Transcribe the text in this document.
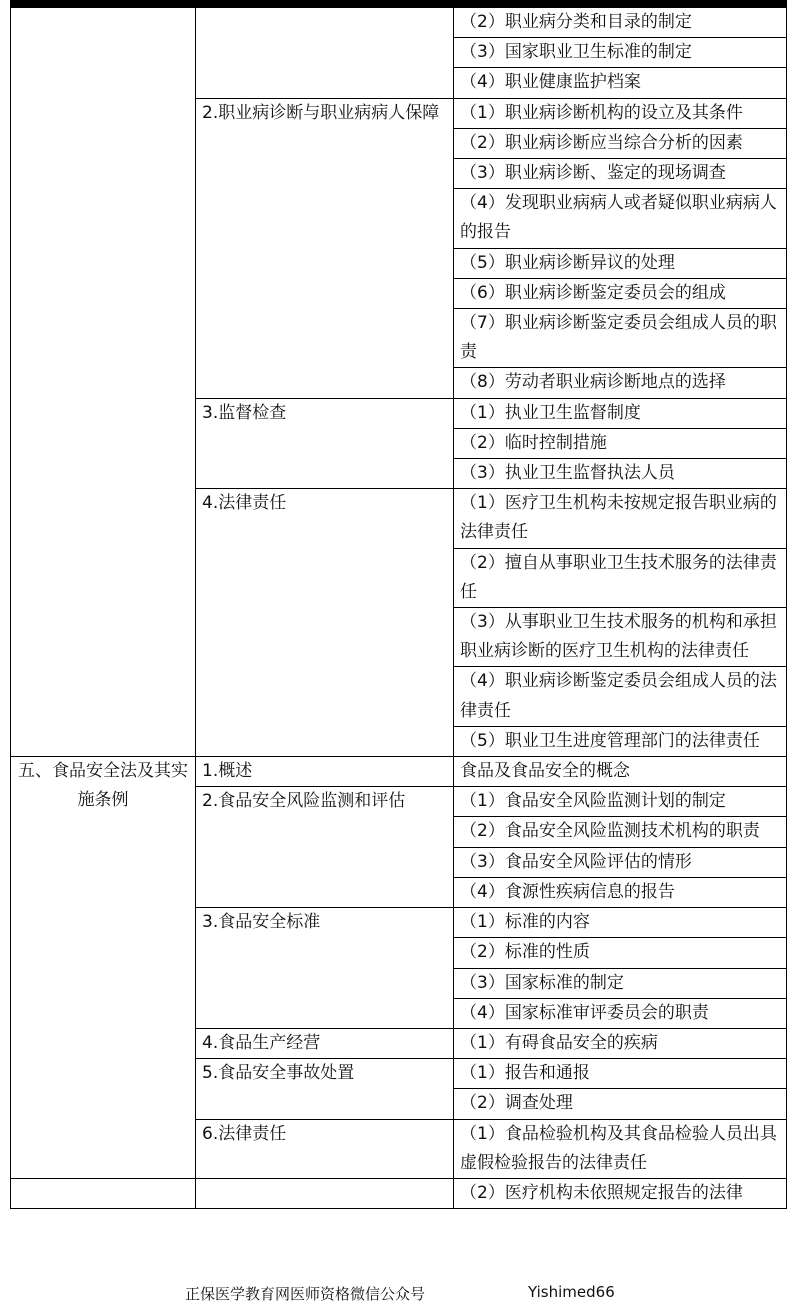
		（2）职业病分类和目录的制定
		（3）国家职业卫生标准的制定
		（4）职业健康监护档案
	2.职业病诊断与职业病病人保障	（1）职业病诊断机构的设立及其条件
		（2）职业病诊断应当综合分析的因素
		（3）职业病诊断、鉴定的现场调查
		（4）发现职业病病人或者疑似职业病病人的报告
		（5）职业病诊断异议的处理
		（6）职业病诊断鉴定委员会的组成
		（7）职业病诊断鉴定委员会组成人员的职责
		（8）劳动者职业病诊断地点的选择
	3.监督检查	（1）执业卫生监督制度
		（2）临时控制措施
		（3）执业卫生监督执法人员
	4.法律责任	（1）医疗卫生机构未按规定报告职业病的法律责任
		（2）擅自从事职业卫生技术服务的法律责任
		（3）从事职业卫生技术服务的机构和承担职业病诊断的医疗卫生机构的法律责任
		（4）职业病诊断鉴定委员会组成人员的法律责任
		（5）职业卫生进度管理部门的法律责任
五、食品安全法及其实施条例	1.概述	食品及食品安全的概念
	2.食品安全风险监测和评估	（1）食品安全风险监测计划的制定
		（2）食品安全风险监测技术机构的职责
		（3）食品安全风险评估的情形
		（4）食源性疾病信息的报告
	3.食品安全标准	（1）标准的内容
		（2）标准的性质
		（3）国家标准的制定
		（4）国家标准审评委员会的职责
	4.食品生产经营	（1）有碍食品安全的疾病
	5.食品安全事故处置	（1）报告和通报
		（2）调查处理
	6.法律责任	（1）食品检验机构及其食品检验人员出具虚假检验报告的法律责任
		（2）医疗机构未依照规定报告的法律
正保医学教育网医师资格微信公众号	Yishimed66
